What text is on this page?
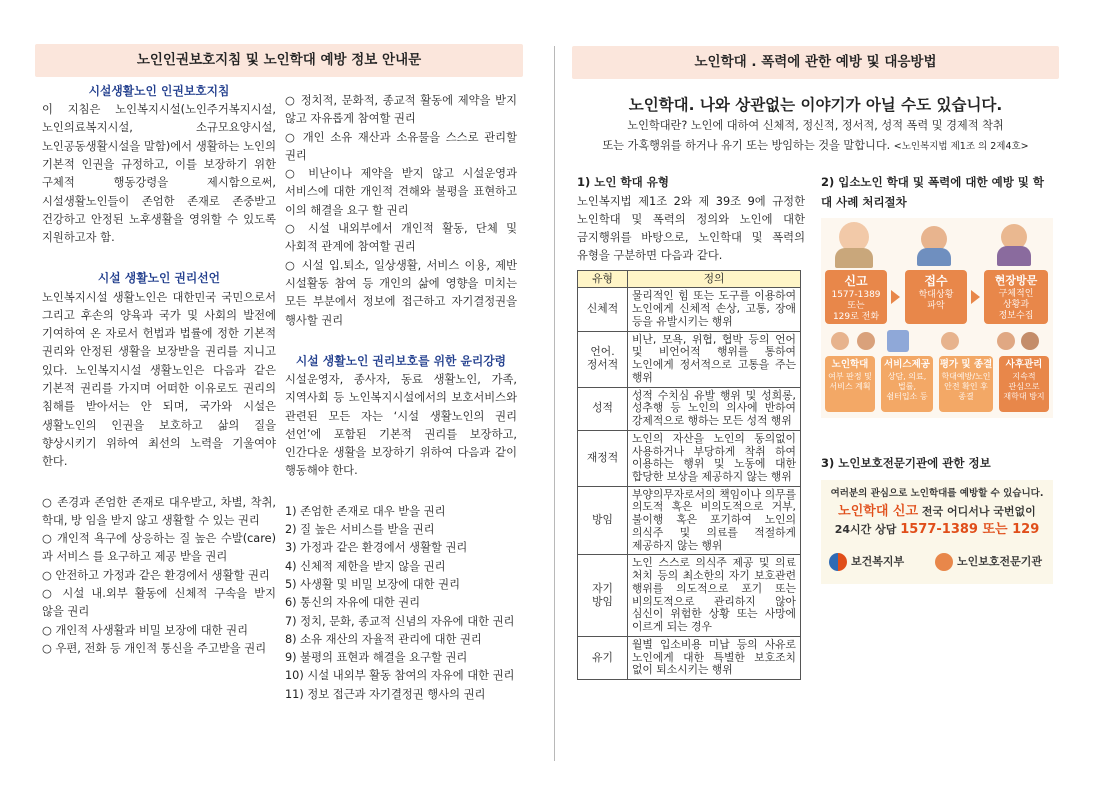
노인인권보호지침 및 노인학대 예방 정보 안내문
시설생활노인 인권보호지침

이 지침은 노인복지시설(노인주거복지시설, 노인의료복지시설, 소규모요양시설, 노인공동생활시설을 말함)에서 생활하는 노인의 기본적 인권을 규정하고, 이를 보장하기 위한 구체적 행동강령을 제시함으로써, 시설생활노인들이 존엄한 존재로 존중받고 건강하고 안정된 노후생활을 영위할 수 있도록 지원하고자 함.

시설 생활노인 권리선언

노인복지시설 생활노인은 대한민국 국민으로서 그리고 후손의 양육과 국가 및 사회의 발전에 기여하여 온 자로서 헌법과 법률에 정한 기본적 권리와 안정된 생활을 보장받을 권리를 지니고 있다. 노인복지시설 생활노인은 다음과 같은 기본적 권리를 가지며 어떠한 이유로도 권리의 침해를 받아서는 안 되며, 국가와 시설은 생활노인의 인권을 보호하고 삶의 질을 향상시키기 위하여 최선의 노력을 기울여야 한다.

○ 존경과 존엄한 존재로 대우받고, 차별, 착취, 학대, 방 임을 받지 않고 생활할 수 있는 권리
○ 개인적 욕구에 상응하는 질 높은 수발(care)과 서비스 를 요구하고 제공 받을 권리
○ 안전하고 가정과 같은 환경에서 생활할 권리
○ 시설 내.외부 활동에 신체적 구속을 받지 않을 권리
○ 개인적 사생활과 비밀 보장에 대한 권리
○ 우편, 전화 등 개인적 통신을 주고받을 권리
○ 정치적, 문화적, 종교적 활동에 제약을 받지 않고 자유롭게 참여할 권리
○ 개인 소유 재산과 소유물을 스스로 관리할 권리
○ 비난이나 제약을 받지 않고 시설운영과 서비스에 대한 개인적 견해와 불평을 표현하고 이의 해결을 요구 할 권리
○ 시설 내외부에서 개인적 활동, 단체 및 사회적 관계에 참여할 권리
○ 시설 입.퇴소, 일상생활, 서비스 이용, 제반 시설활동 참여 등 개인의 삶에 영향을 미치는 모든 부분에서 정보에 접근하고 자기결정권을 행사할 권리
시설 생활노인 권리보호를 위한 윤리강령

시설운영자, 종사자, 동료 생활노인, 가족, 지역사회 등 노인복지시설에서의 보호서비스와 관련된 모든 자는 ‘시설 생활노인의 권리 선언’에 포함된 기본적 권리를 보장하고, 인간다운 생활을 보장하기 위하여 다음과 같이 행동해야 한다.

1) 존엄한 존재로 대우 받을 권리
2) 질 높은 서비스를 받을 권리
3) 가정과 같은 환경에서 생활할 권리
4) 신체적 제한을 받지 않을 권리
5) 사생활 및 비밀 보장에 대한 권리
6) 통신의 자유에 대한 권리
7) 정치, 문화, 종교적 신념의 자유에 대한 권리
8) 소유 재산의 자율적 관리에 대한 권리
9) 불평의 표현과 해결을 요구할 권리
10) 시설 내외부 활동 참여의 자유에 대한 권리
11) 정보 접근과 자기결정권 행사의 권리
노인학대 . 폭력에 관한 예방 및 대응방법
노인학대. 나와 상관없는 이야기가 아닐 수도 있습니다.
노인학대란? 노인에 대하여 신체적, 정신적, 정서적, 성적 폭력 및 경제적 착취
또는 가혹행위를 하거나 유기 또는 방임하는 것을 말합니다. <노인복지법 제1조 의 2제4호>
1) 노인 학대 유형

노인복지법 제1조 2와 제 39조 9에 규정한 노인학대 및 폭력의 정의와 노인에 대한 금지행위를 바탕으로, 노인학대 및 폭력의 유형을 구분하면 다음과 같다.

유형	정의
신체적	물리적인 힘 또는 도구를 이용하여 노인에게 신체적 손상, 고통, 장애 등을 유발시키는 행위
언어.
정서적	비난, 모욕, 위협, 협박 등의 언어 및 비언어적 행위를 통하여 노인에게 정서적으로 고통을 주는 행위
성적	성적 수치심 유발 행위 및 성희롱, 성추행 등 노인의 의사에 반하여 강제적으로 행하는 모든 성적 행위
재정적	노인의 자산을 노인의 동의없이 사용하거나 부당하게 착취 하여 이용하는 행위 및 노동에 대한 합당한 보상을 제공하지 않는 행위
방임	부양의무자로서의 책임이나 의무를 의도적 혹은 비의도적으로 거부, 불이행 혹은 포기하여 노인의 의식주 및 의료를 적절하게 제공하지 않는 행위
자기
방임	노인 스스로 의식주 제공 및 의료 처치 등의 최소한의 자기 보호관련 행위를 의도적으로 포기 또는 비의도적으로 관리하지 않아 심신이 위험한 상황 또는 사망에 이르게 되는 경우
유기	월별 입소비용 미납 등의 사유로 노인에게 대한 특별한 보호조치 없이 퇴소시키는 행위
2) 입소노인 학대 및 폭력에 대한 예방 및 학대 사례 처리절차
신고
1577-1389
또는
129로 전화
접수
학대상황
파악
현장방문
구체적인
상황과
정보수집
노인학대
여부 판정 및
서비스 계획
서비스제공
상담, 의료,
법률,
쉼터입소 등
평가 및 종결
학대예방/노인
안전 확인 후
종결
사후관리
지속적
관심으로
재학대 방지
3) 노인보호전문기관에 관한 정보
여러분의 관심으로 노인학대를 예방할 수 있습니다.
노인학대 신고 전국 어디서나 국번없이
24시간 상담 1577-1389 또는 129
보건복지부	노인보호전문기관
